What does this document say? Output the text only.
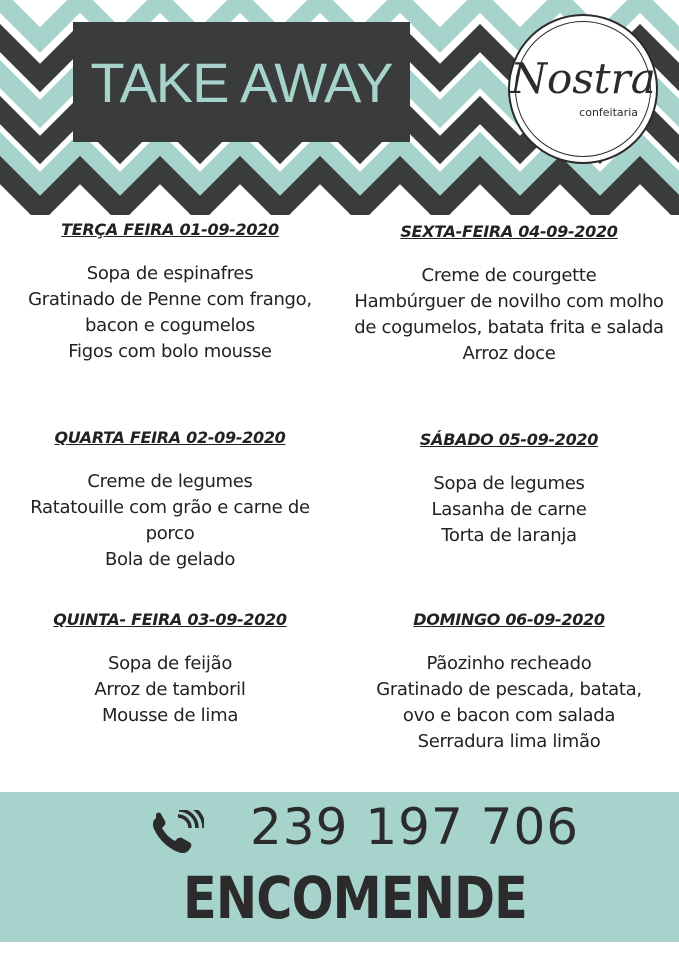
TAKE AWAY	Nostra
confeitaria
TERÇA FEIRA 01-09-2020
Sopa de espinafres
Gratinado de Penne com frango,
bacon e cogumelos
Figos com bolo mousse
SEXTA-FEIRA 04-09-2020
Creme de courgette
Hambúrguer de novilho com molho
de cogumelos, batata frita e salada
Arroz doce
QUARTA FEIRA 02-09-2020
Creme de legumes
Ratatouille com grão e carne de
porco
Bola de gelado
SÁBADO 05-09-2020
Sopa de legumes
Lasanha de carne
Torta de laranja
QUINTA- FEIRA 03-09-2020
Sopa de feijão
Arroz de tamboril
Mousse de lima
DOMINGO 06-09-2020
Pãozinho recheado
Gratinado de pescada, batata,
ovo e bacon com salada
Serradura lima limão
239 197 706
ENCOMENDE
